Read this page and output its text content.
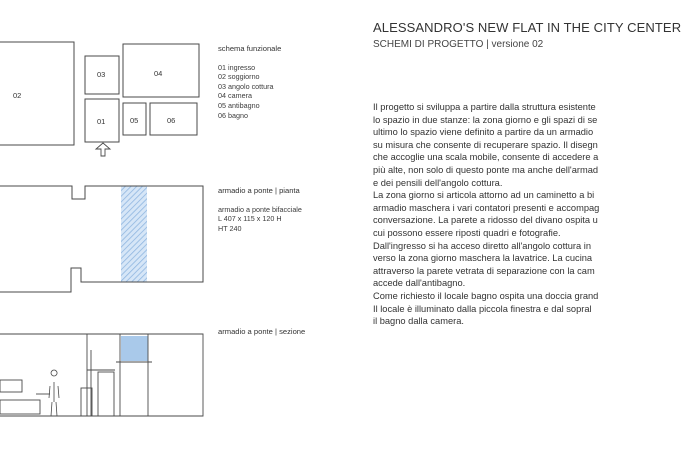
02
03	04
01	05	06
schema funzionale
01 ingresso
02 soggiorno
03 angolo cottura
04 camera
05 antibagno
06 bagno
armadio a ponte | pianta
armadio a ponte bifacciale
L 407 x 115 x 120 H
HT 240
armadio a ponte | sezione
ALESSANDRO'S NEW FLAT IN THE CITY CENTER
SCHEMI DI PROGETTO | versione 02

Il progetto si sviluppa a partire dalla struttura esistente

lo spazio in due stanze: la zona giorno e gli spazi di se

ultimo lo spazio viene definito a partire da un armadio

su misura che consente di recuperare spazio. Il disegn

che accoglie una scala mobile, consente di accedere a

più alte, non solo di questo ponte ma anche dell'armad

e dei pensili dell'angolo cottura.

La zona giorno si articola attorno ad un caminetto a bi

armadio maschera i vari contatori presenti e accompag

conversazione. La parete a ridosso del divano ospita u

cui possono essere riposti quadri e fotografie.

Dall'ingresso si ha acceso diretto all'angolo cottura in

verso la zona giorno maschera la lavatrice. La cucina

attraverso la parete vetrata di separazione con la cam

accede dall'antibagno.

Come richiesto il locale bagno ospita una doccia grand

Il locale è illuminato dalla piccola finestra e dal sopral

il bagno dalla camera.
